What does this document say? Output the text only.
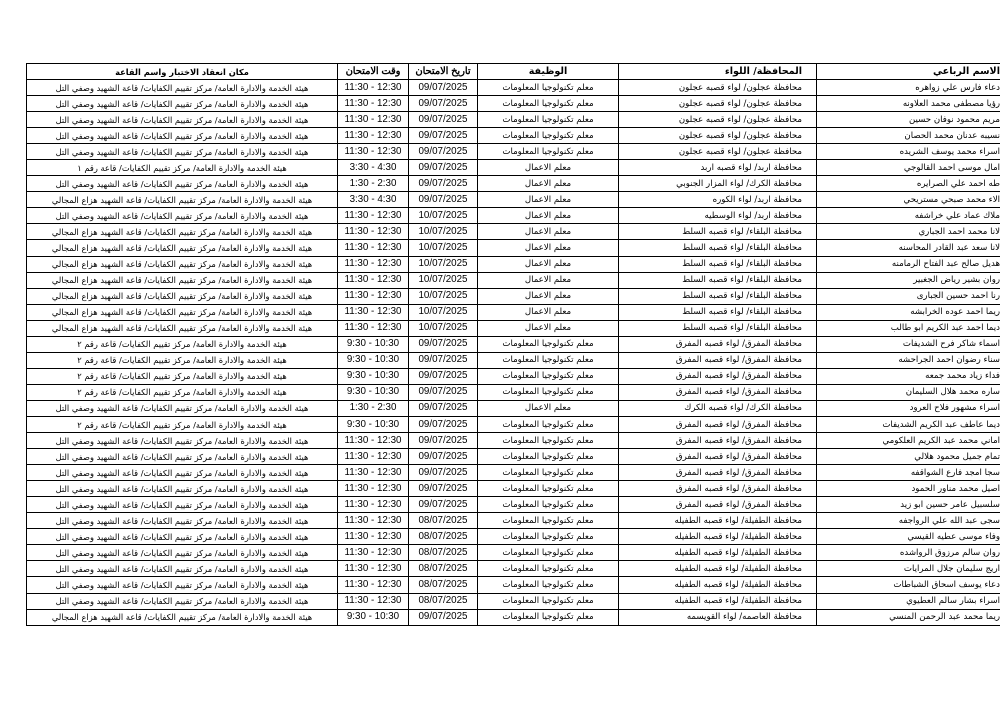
مكان انعقاد الاختبار واسم القاعة	وقت الامتحان	تاريخ الامتحان	الوظيفة	المحافظة/ اللواء	الاسم الرباعي
هيئة الخدمة والادارة العامة/ مركز تقييم الكفايات/ قاعة الشهيد وصفي التل	11:30 - 12:30	09/07/2025	معلم تكنولوجيا المعلومات	محافظة عجلون/ لواء قصبه عجلون	دعاء فارس علي زواهره
هيئة الخدمة والادارة العامة/ مركز تقييم الكفايات/ قاعة الشهيد وصفي التل	11:30 - 12:30	09/07/2025	معلم تكنولوجيا المعلومات	محافظة عجلون/ لواء قصبه عجلون	رؤيا مصطفى محمد العلاونه
هيئة الخدمة والادارة العامة/ مركز تقييم الكفايات/ قاعة الشهيد وصفي التل	11:30 - 12:30	09/07/2025	معلم تكنولوجيا المعلومات	محافظة عجلون/ لواء قصبه عجلون	مريم محمود نوفان حسين
هيئة الخدمة والادارة العامة/ مركز تقييم الكفايات/ قاعة الشهيد وصفي التل	11:30 - 12:30	09/07/2025	معلم تكنولوجيا المعلومات	محافظة عجلون/ لواء قصبه عجلون	نسيبه عدنان محمد الحصان
هيئة الخدمة والادارة العامة/ مركز تقييم الكفايات/ قاعة الشهيد وصفي التل	11:30 - 12:30	09/07/2025	معلم تكنولوجيا المعلومات	محافظة عجلون/ لواء قصبه عجلون	اسراء محمد يوسف الشريده
هيئة الخدمة والادارة العامة/ مركز تقييم الكفايات/ قاعة رقم ١	3:30 - 4:30	09/07/2025	معلم الاعمال	محافظة اربد/ لواء قصبه اربد	امال موسى احمد القالوجي
هيئة الخدمة والادارة العامة/ مركز تقييم الكفايات/ قاعة الشهيد وصفي التل	1:30 - 2:30	09/07/2025	معلم الاعمال	محافظة الكرك/ لواء المزار الجنوبي	طه احمد علي الصرايره
هيئة الخدمة والادارة العامة/ مركز تقييم الكفايات/ قاعة الشهيد هزاع المجالي	3:30 - 4:30	09/07/2025	معلم الاعمال	محافظة اربد/ لواء الكوره	الاء محمد صبحي مستريحي
هيئة الخدمة والادارة العامة/ مركز تقييم الكفايات/ قاعة الشهيد وصفي التل	11:30 - 12:30	10/07/2025	معلم الاعمال	محافظة اربد/ لواء الوسطيه	ملاك عماد علي خراشفه
هيئة الخدمة والادارة العامة/ مركز تقييم الكفايات/ قاعة الشهيد هزاع المجالي	11:30 - 12:30	10/07/2025	معلم الاعمال	محافظة البلقاء/ لواء قصبه السلط	لانا محمد احمد الجباري
هيئة الخدمة والادارة العامة/ مركز تقييم الكفايات/ قاعة الشهيد هزاع المجالي	11:30 - 12:30	10/07/2025	معلم الاعمال	محافظة البلقاء/ لواء قصبه السلط	لانا سعد عبد القادر المحاسنه
هيئة الخدمة والادارة العامة/ مركز تقييم الكفايات/ قاعة الشهيد هزاع المجالي	11:30 - 12:30	10/07/2025	معلم الاعمال	محافظة البلقاء/ لواء قصبه السلط	هديل صالح عبد الفتاح الرمامنه
هيئة الخدمة والادارة العامة/ مركز تقييم الكفايات/ قاعة الشهيد هزاع المجالي	11:30 - 12:30	10/07/2025	معلم الاعمال	محافظة البلقاء/ لواء قصبه السلط	روان بشير رياض الجغبير
هيئة الخدمة والادارة العامة/ مركز تقييم الكفايات/ قاعة الشهيد هزاع المجالي	11:30 - 12:30	10/07/2025	معلم الاعمال	محافظة البلقاء/ لواء قصبه السلط	رنا احمد حسين الجبارى
هيئة الخدمة والادارة العامة/ مركز تقييم الكفايات/ قاعة الشهيد هزاع المجالي	11:30 - 12:30	10/07/2025	معلم الاعمال	محافظة البلقاء/ لواء قصبه السلط	ريما احمد عوده الخرابشه
هيئة الخدمة والادارة العامة/ مركز تقييم الكفايات/ قاعة الشهيد هزاع المجالي	11:30 - 12:30	10/07/2025	معلم الاعمال	محافظة البلقاء/ لواء قصبه السلط	ديما احمد عبد الكريم ابو طالب
هيئة الخدمة والادارة العامة/ مركز تقييم الكفايات/ قاعة رقم ٢	9:30 - 10:30	09/07/2025	معلم تكنولوجيا المعلومات	محافظة المفرق/ لواء قصبه المفرق	اسماء شاكر فرح الشديفات
هيئة الخدمة والادارة العامة/ مركز تقييم الكفايات/ قاعة رقم ٢	9:30 - 10:30	09/07/2025	معلم تكنولوجيا المعلومات	محافظة المفرق/ لواء قصبه المفرق	سناء رضوان احمد الجراحشه
هيئة الخدمة والادارة العامة/ مركز تقييم الكفايات/ قاعة رقم ٢	9:30 - 10:30	09/07/2025	معلم تكنولوجيا المعلومات	محافظة المفرق/ لواء قصبه المفرق	فداء زياد محمد جمعه
هيئة الخدمة والادارة العامة/ مركز تقييم الكفايات/ قاعة رقم ٢	9:30 - 10:30	09/07/2025	معلم تكنولوجيا المعلومات	محافظة المفرق/ لواء قصبه المفرق	ساره محمد هلال السليمان
هيئة الخدمة والادارة العامة/ مركز تقييم الكفايات/ قاعة الشهيد وصفي التل	1:30 - 2:30	09/07/2025	معلم الاعمال	محافظة الكرك/ لواء قصبه الكرك	اسراء مشهور فلاح العرود
هيئة الخدمة والادارة العامة/ مركز تقييم الكفايات/ قاعة رقم ٢	9:30 - 10:30	09/07/2025	معلم تكنولوجيا المعلومات	محافظة المفرق/ لواء قصبه المفرق	ديما عاطف عبد الكريم الشديفات
هيئة الخدمة والادارة العامة/ مركز تقييم الكفايات/ قاعة الشهيد وصفي التل	11:30 - 12:30	09/07/2025	معلم تكنولوجيا المعلومات	محافظة المفرق/ لواء قصبه المفرق	اماني محمد عبد الكريم العلكومي
هيئة الخدمة والادارة العامة/ مركز تقييم الكفايات/ قاعة الشهيد وصفي التل	11:30 - 12:30	09/07/2025	معلم تكنولوجيا المعلومات	محافظة المفرق/ لواء قصبه المفرق	تمام جميل محمود هلالي
هيئة الخدمة والادارة العامة/ مركز تقييم الكفايات/ قاعة الشهيد وصفي التل	11:30 - 12:30	09/07/2025	معلم تكنولوجيا المعلومات	محافظة المفرق/ لواء قصبه المفرق	سجا امجد فارع الشواقفه
هيئة الخدمة والادارة العامة/ مركز تقييم الكفايات/ قاعة الشهيد وصفي التل	11:30 - 12:30	09/07/2025	معلم تكنولوجيا المعلومات	محافظة المفرق/ لواء قصبه المفرق	اصيل محمد مناور الحمود
هيئة الخدمة والادارة العامة/ مركز تقييم الكفايات/ قاعة الشهيد وصفي التل	11:30 - 12:30	09/07/2025	معلم تكنولوجيا المعلومات	محافظة المفرق/ لواء قصبه المفرق	سلسبيل عامر حسين ابو زيد
هيئة الخدمة والادارة العامة/ مركز تقييم الكفايات/ قاعة الشهيد وصفي التل	11:30 - 12:30	08/07/2025	معلم تكنولوجيا المعلومات	محافظة الطفيلة/ لواء قصبه الطفيله	سجى عبد الله علي الرواجفه
هيئة الخدمة والادارة العامة/ مركز تقييم الكفايات/ قاعة الشهيد وصفي التل	11:30 - 12:30	08/07/2025	معلم تكنولوجيا المعلومات	محافظة الطفيلة/ لواء قصبه الطفيله	وفاء موسى عطيه القيسي
هيئة الخدمة والادارة العامة/ مركز تقييم الكفايات/ قاعة الشهيد وصفي التل	11:30 - 12:30	08/07/2025	معلم تكنولوجيا المعلومات	محافظة الطفيلة/ لواء قصبه الطفيله	روان سالم مرزوق الرواشده
هيئة الخدمة والادارة العامة/ مركز تقييم الكفايات/ قاعة الشهيد وصفي التل	11:30 - 12:30	08/07/2025	معلم تكنولوجيا المعلومات	محافظة الطفيلة/ لواء قصبه الطفيله	اريج سليمان جلال المرايات
هيئة الخدمة والادارة العامة/ مركز تقييم الكفايات/ قاعة الشهيد وصفي التل	11:30 - 12:30	08/07/2025	معلم تكنولوجيا المعلومات	محافظة الطفيلة/ لواء قصبه الطفيله	دعاء يوسف اسحاق الشباطات
هيئة الخدمة والادارة العامة/ مركز تقييم الكفايات/ قاعة الشهيد وصفي التل	11:30 - 12:30	08/07/2025	معلم تكنولوجيا المعلومات	محافظة الطفيلة/ لواء قصبه الطفيله	اسراء بشار سالم العطيوي
هيئة الخدمة والادارة العامة/ مركز تقييم الكفايات/ قاعة الشهيد هزاع المجالي	9:30 - 10:30	09/07/2025	معلم تكنولوجيا المعلومات	محافظة العاصمه/ لواء القويسمه	ريما محمد عبد الرحمن المنسي
